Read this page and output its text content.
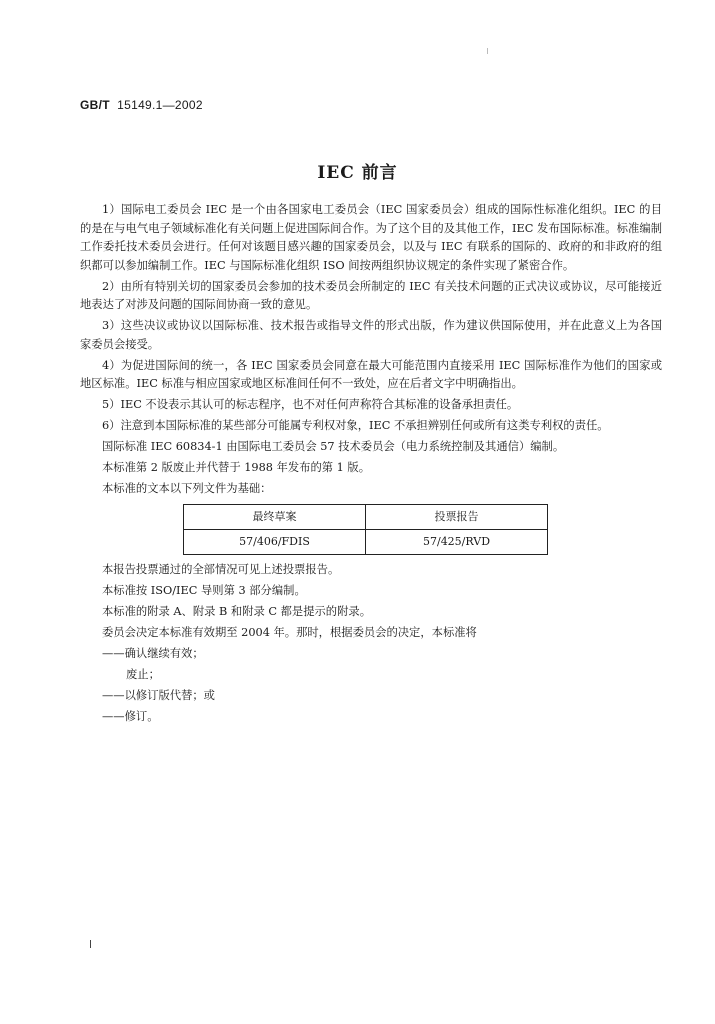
GB/T 15149.1—2002
IEC 前言

1）国际电工委员会 IEC 是一个由各国家电工委员会（IEC 国家委员会）组成的国际性标准化组织。IEC 的目的是在与电气电子领域标准化有关问题上促进国际间合作。为了这个目的及其他工作，IEC 发布国际标准。标准编制工作委托技术委员会进行。任何对该题目感兴趣的国家委员会，以及与 IEC 有联系的国际的、政府的和非政府的组织都可以参加编制工作。IEC 与国际标准化组织 ISO 间按两组织协议规定的条件实现了紧密合作。

2）由所有特别关切的国家委员会参加的技术委员会所制定的 IEC 有关技术问题的正式决议或协议，尽可能接近地表达了对涉及问题的国际间协商一致的意见。

3）这些决议或协议以国际标准、技术报告或指导文件的形式出版，作为建议供国际使用，并在此意义上为各国家委员会接受。

4）为促进国际间的统一，各 IEC 国家委员会同意在最大可能范围内直接采用 IEC 国际标准作为他们的国家或地区标准。IEC 标准与相应国家或地区标准间任何不一致处，应在后者文字中明确指出。

5）IEC 不设表示其认可的标志程序，也不对任何声称符合其标准的设备承担责任。

6）注意到本国际标准的某些部分可能属专利权对象，IEC 不承担辨别任何或所有这类专利权的责任。

国际标准 IEC 60834-1 由国际电工委员会 57 技术委员会（电力系统控制及其通信）编制。

本标准第 2 版废止并代替于 1988 年发布的第 1 版。

本标准的文本以下列文件为基础：

最终草案	投票报告
57/406/FDIS	57/425/RVD

本报告投票通过的全部情况可见上述投票报告。

本标准按 ISO/IEC 导则第 3 部分编制。

本标准的附录 A、附录 B 和附录 C 都是提示的附录。

委员会决定本标准有效期至 2004 年。那时，根据委员会的决定，本标准将

——确认继续有效；

废止；

——以修订版代替；或

——修订。
